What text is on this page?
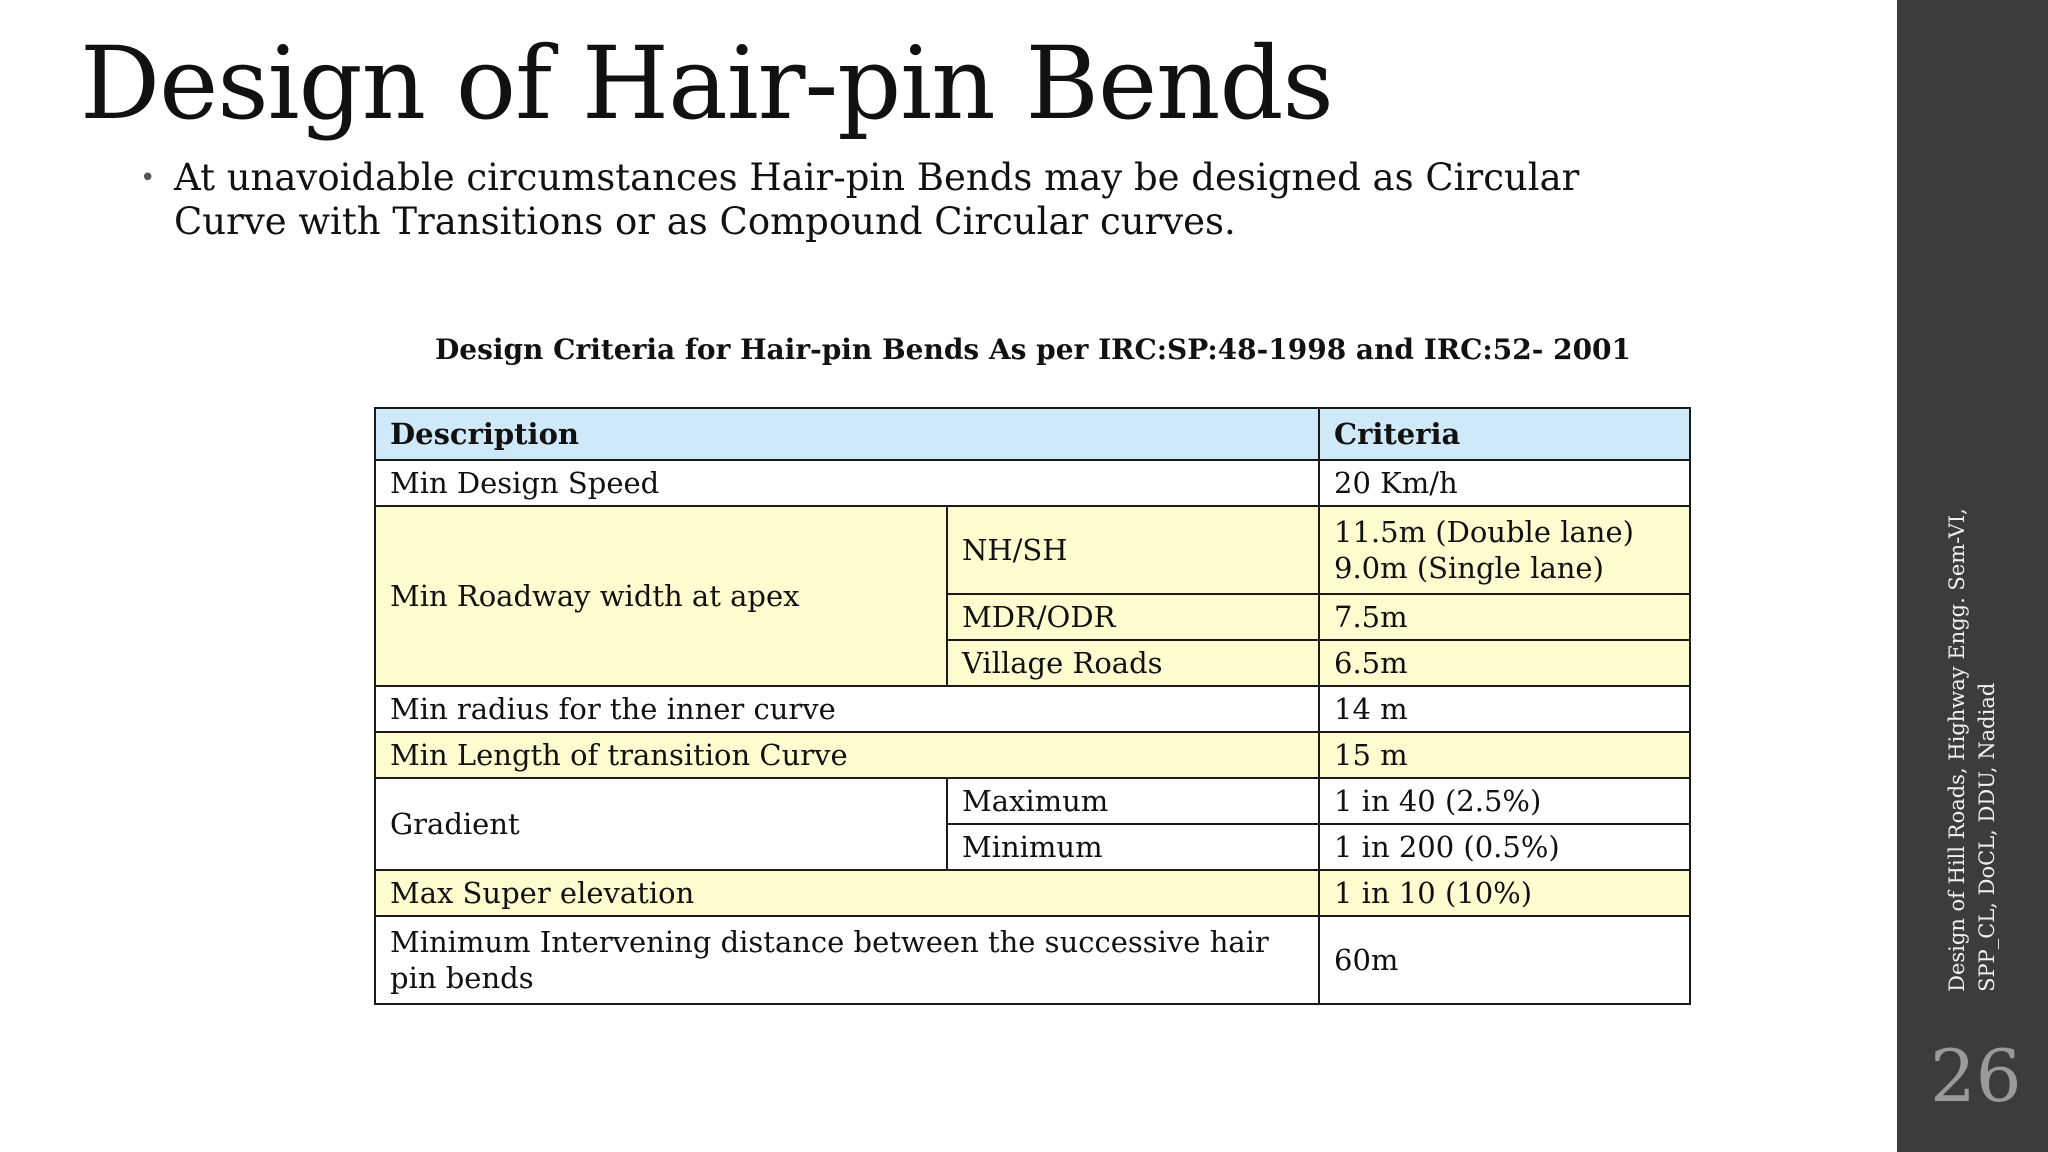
Design of Hair-pin Bends
• At unavoidable circumstances Hair-pin Bends may be designed as Circular Curve with Transitions or as Compound Circular curves.
Design Criteria for Hair-pin Bends As per IRC:SP:48-1998 and IRC:52- 2001
Description		Criteria
Min Design Speed		20 Km/h
Min Roadway width at apex	NH/SH	11.5m (Double lane)
9.0m (Single lane)

	MDR/ODR	7.5m
	Village Roads	6.5m
Min radius for the inner curve		14 m
Min Length of transition Curve		15 m
Gradient	Maximum	1 in 40 (2.5%)
	Minimum	1 in 200 (0.5%)
Max Super elevation		1 in 10 (10%)
Minimum Intervening distance between the successive hair pin bends		60m	Design of Hill Roads, Highway Engg. Sem-VI, SPP_CL, DoCL, DDU, Nadiad
26
